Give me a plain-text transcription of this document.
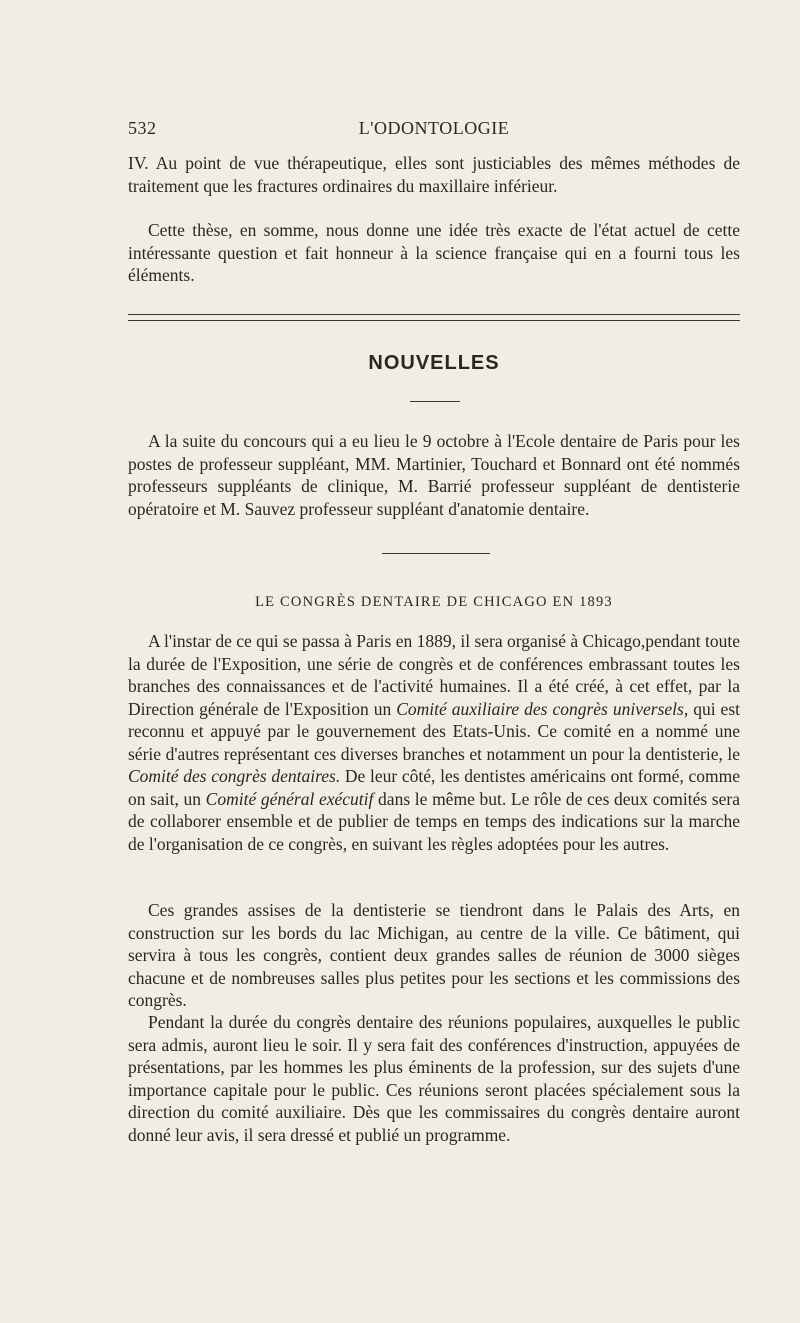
532	L'ODONTOLOGIE

IV. Au point de vue thérapeutique, elles sont justiciables des mêmes méthodes de traitement que les fractures ordinaires du maxillaire inférieur.

Cette thèse, en somme, nous donne une idée très exacte de l'état actuel de cette intéressante question et fait honneur à la science française qui en a fourni tous les éléments.

NOUVELLES

A la suite du concours qui a eu lieu le 9 octobre à l'Ecole dentaire de Paris pour les postes de professeur suppléant, MM. Martinier, Touchard et Bonnard ont été nommés professeurs suppléants de clinique, M. Barrié professeur suppléant de dentisterie opératoire et M. Sauvez professeur suppléant d'anatomie dentaire.

LE CONGRÈS DENTAIRE DE CHICAGO EN 1893

A l'instar de ce qui se passa à Paris en 1889, il sera organisé à Chicago,pendant toute la durée de l'Exposition, une série de congrès et de conférences embrassant toutes les branches des connaissances et de l'activité humaines. Il a été créé, à cet effet, par la Direction générale de l'Exposition un Comité auxiliaire des congrès universels, qui est reconnu et appuyé par le gouvernement des Etats-Unis. Ce comité en a nommé une série d'autres représentant ces diverses branches et notamment un pour la dentisterie, le Comité des congrès dentaires. De leur côté, les dentistes américains ont formé, comme on sait, un Comité général exécutif dans le même but. Le rôle de ces deux comités sera de collaborer ensemble et de publier de temps en temps des indications sur la marche de l'organisation de ce congrès, en suivant les règles adoptées pour les autres.

Ces grandes assises de la dentisterie se tiendront dans le Palais des Arts, en construction sur les bords du lac Michigan, au centre de la ville. Ce bâtiment, qui servira à tous les congrès, contient deux grandes salles de réunion de 3000 sièges chacune et de nombreuses salles plus petites pour les sections et les commissions des congrès.

Pendant la durée du congrès dentaire des réunions populaires, auxquelles le public sera admis, auront lieu le soir. Il y sera fait des conférences d'instruction, appuyées de présentations, par les hommes les plus éminents de la profession, sur des sujets d'une importance capitale pour le public. Ces réunions seront placées spécialement sous la direction du comité auxiliaire. Dès que les commissaires du congrès dentaire auront donné leur avis, il sera dressé et publié un programme.
